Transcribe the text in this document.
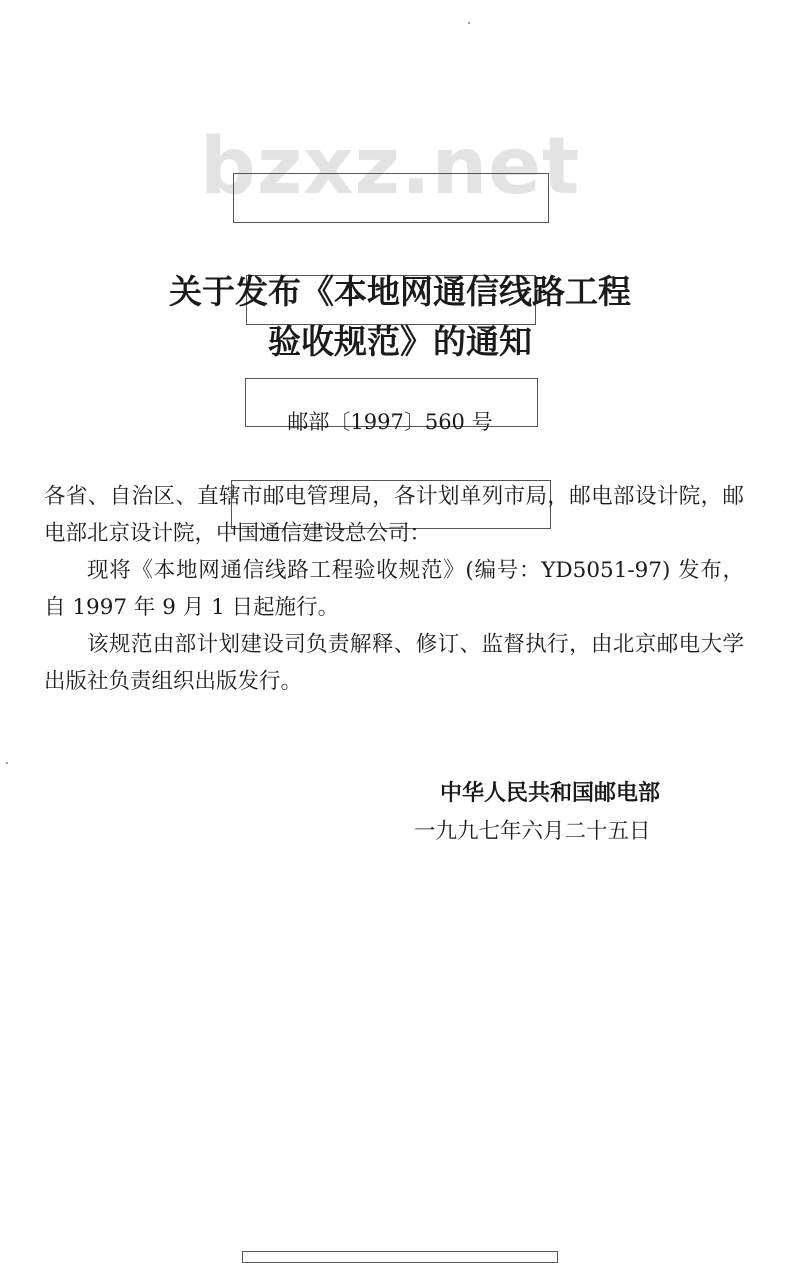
bzxz.net
关于发布《本地网通信线路工程
验收规范》的通知
邮部〔1997〕560 号

各省、自治区、直辖市邮电管理局，各计划单列市局，邮电部设计院，邮电部北京设计院，中国通信建设总公司：

现将《本地网通信线路工程验收规范》(编号：YD5051-97) 发布，自 1997 年 9 月 1 日起施行。

该规范由部计划建设司负责解释、修订、监督执行，由北京邮电大学出版社负责组织出版发行。

中华人民共和国邮电部
一九九七年六月二十五日
